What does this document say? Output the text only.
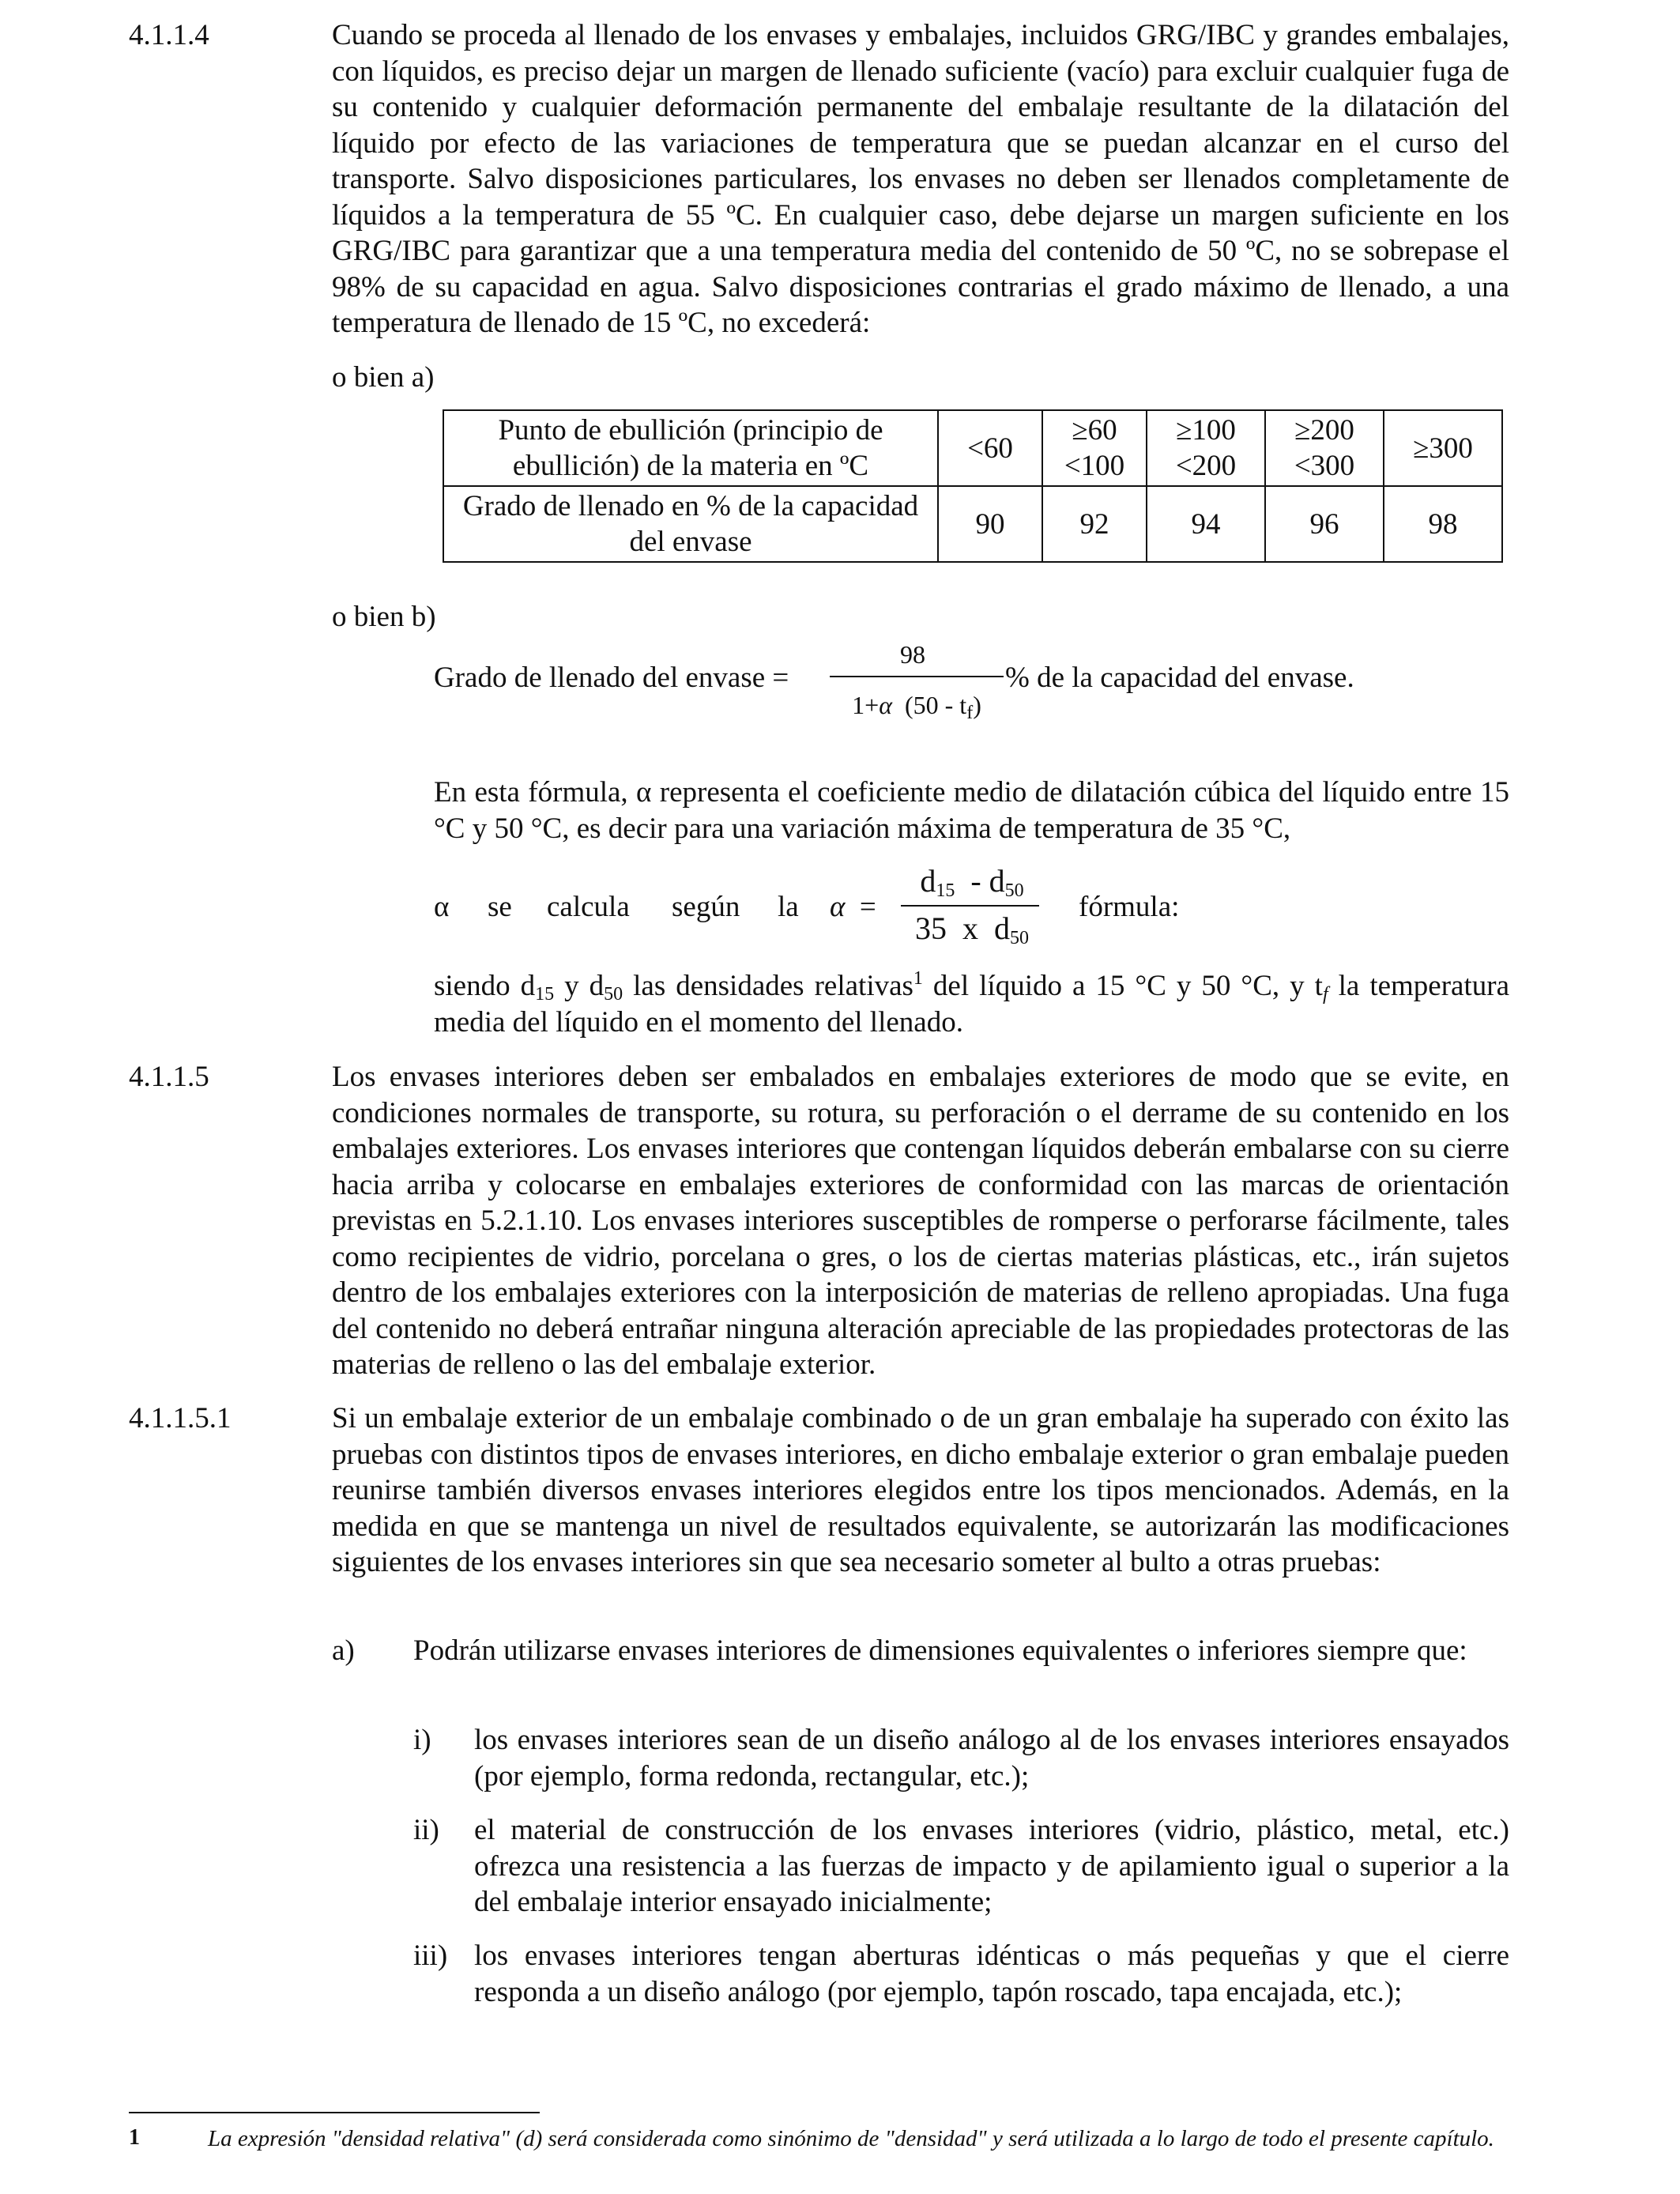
4.1.1.4	Cuando se proceda al llenado de los envases y embalajes, incluidos GRG/IBC y grandes embalajes, con líquidos, es preciso dejar un margen de llenado suficiente (vacío) para excluir cualquier fuga de su contenido y cualquier deformación permanente del embalaje resultante de la dilatación del líquido por efecto de las variaciones de temperatura que se puedan alcanzar en el curso del transporte. Salvo disposiciones particulares, los envases no deben ser llenados completamente de líquidos a la temperatura de 55 ºC. En cualquier caso, debe dejarse un margen suficiente en los GRG/IBC para garantizar que a una temperatura media del contenido de 50 ºC, no se sobrepase el 98% de su capacidad en agua. Salvo disposiciones contrarias el grado máximo de llenado, a una temperatura de llenado de 15 ºC, no excederá:

o bien a)
Punto de ebullición (principio de ebullición) de la materia en ºC	<60	≥60 <100	≥100 <200	≥200 <300	≥300
Grado de llenado en % de la capacidad del envase	90	92	94	96	98
o bien b)
Grado de llenado del envase =
98
1+α  $(50 - t_f)$
% de la capacidad del envase.

En esta fórmula, α representa el coeficiente medio de dilatación cúbica del líquido entre 15 °C y 50 °C, es decir para una variación máxima de temperatura de 35 °C,

α se calcula según la α  =
$d_{15} - d_{50}$
35  x  $d_{50}$
fórmula:

siendo $d_{15}$ y $d_{50}$ las densidades relativas$^1$ del líquido a 15 °C y 50 °C, y $t_f$ la temperatura media del líquido en el momento del llenado.

4.1.1.5	Los envases interiores deben ser embalados en embalajes exteriores de modo que se evite, en condiciones normales de transporte, su rotura, su perforación o el derrame de su contenido en los embalajes exteriores. Los envases interiores que contengan líquidos deberán embalarse con su cierre hacia arriba y colocarse en embalajes exteriores de conformidad con las marcas de orientación previstas en 5.2.1.10. Los envases interiores susceptibles de romperse o perforarse fácilmente, tales como recipientes de vidrio, porcelana o gres, o los de ciertas materias plásticas, etc., irán sujetos dentro de los embalajes exteriores con la interposición de materias de relleno apropiadas. Una fuga del contenido no deberá entrañar ninguna alteración apreciable de las propiedades protectoras de las materias de relleno o las del embalaje exterior.

4.1.1.5.1	Si un embalaje exterior de un embalaje combinado o de un gran embalaje ha superado con éxito las pruebas con distintos tipos de envases interiores, en dicho embalaje exterior o gran embalaje pueden reunirse también diversos envases interiores elegidos entre los tipos mencionados. Además, en la medida en que se mantenga un nivel de resultados equivalente, se autorizarán las modificaciones siguientes de los envases interiores sin que sea necesario someter al bulto a otras pruebas:

a) Podrán utilizarse envases interiores de dimensiones equivalentes o inferiores siempre que:

i) los envases interiores sean de un diseño análogo al de los envases interiores ensayados (por ejemplo, forma redonda, rectangular, etc.);

ii) el material de construcción de los envases interiores (vidrio, plástico, metal, etc.) ofrezca una resistencia a las fuerzas de impacto y de apilamiento igual o superior a la del embalaje interior ensayado inicialmente;

iii) los envases interiores tengan aberturas idénticas o más pequeñas y que el cierre responda a un diseño análogo (por ejemplo, tapón roscado, tapa encajada, etc.);

1	La expresión "densidad relativa" (d) será considerada como sinónimo de "densidad" y será utilizada a lo largo de todo el presente capítulo.
